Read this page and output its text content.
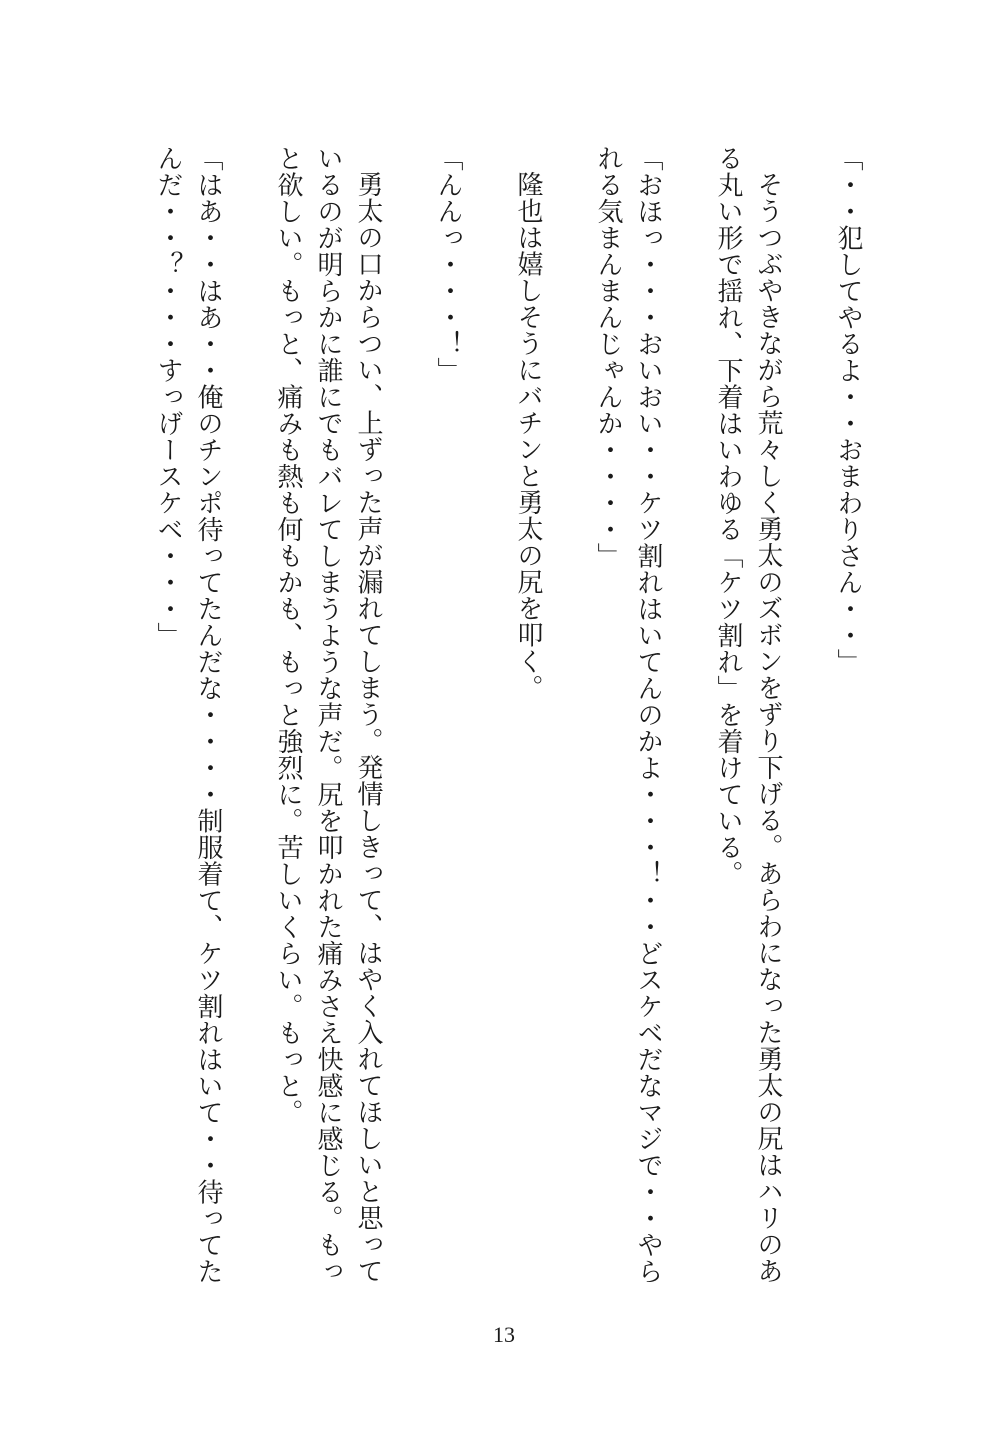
「・・犯してやるよ・・おまわりさん・・」

そうつぶやきながら荒々しく勇太のズボンをずり下げる。あらわになった勇太の尻はハリのある丸い形で揺れ、下着はいわゆる「ケツ割れ」を着けている。

「おほっ・・・おいおい・・ケツ割れはいてんのかよ・・・！・・どスケベだなマジで・・やられる気まんまんじゃんか・・・・」

隆也は嬉しそうにバチンと勇太の尻を叩く。

「んんっ・・・！」

勇太の口からつい、上ずった声が漏れてしまう。発情しきって、はやく入れてほしいと思っているのが明らかに誰にでもバレてしまうような声だ。尻を叩かれた痛みさえ快感に感じる。もっと欲しい。もっと、痛みも熱も何もかも、もっと強烈に。苦しいくらい。もっと。

「はあ・・はあ・・俺のチンポ待ってたんだな・・・・制服着て、ケツ割れはいて・・待ってたんだ・・？・・・すっげースケベ・・・」

13
